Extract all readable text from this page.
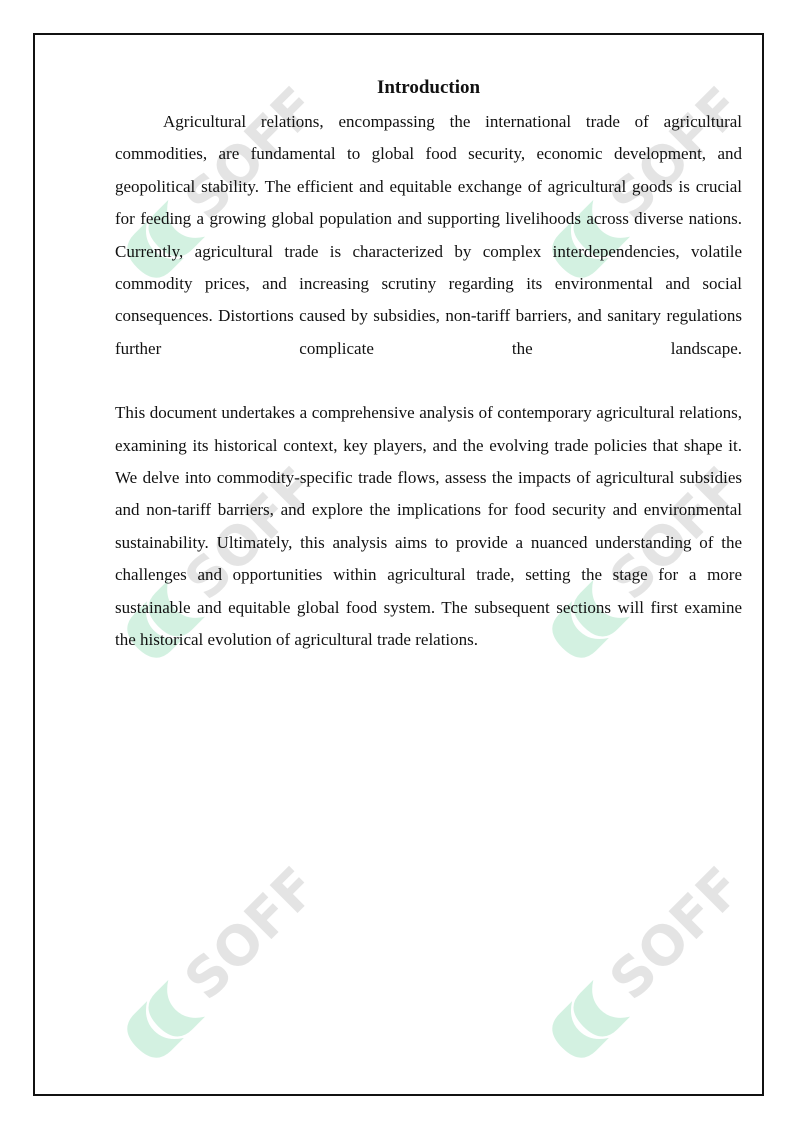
SOFF	SOFF
SOFF	SOFF
SOFF	SOFF
Introduction

Agricultural relations, encompassing the international trade of agricultural commodities, are fundamental to global food security, economic development, and geopolitical stability. The efficient and equitable exchange of agricultural goods is crucial for feeding a growing global population and supporting livelihoods across diverse nations. Currently, agricultural trade is characterized by complex interdependencies, volatile commodity prices, and increasing scrutiny regarding its environmental and social consequences. Distortions caused by subsidies, non-tariff barriers, and sanitary regulations further complicate the landscape.

This document undertakes a comprehensive analysis of contemporary agricultural relations, examining its historical context, key players, and the evolving trade policies that shape it. We delve into commodity-specific trade flows, assess the impacts of agricultural subsidies and non-tariff barriers, and explore the implications for food security and environmental sustainability. Ultimately, this analysis aims to provide a nuanced understanding of the challenges and opportunities within agricultural trade, setting the stage for a more sustainable and equitable global food system. The subsequent sections will first examine the historical evolution of agricultural trade relations.
